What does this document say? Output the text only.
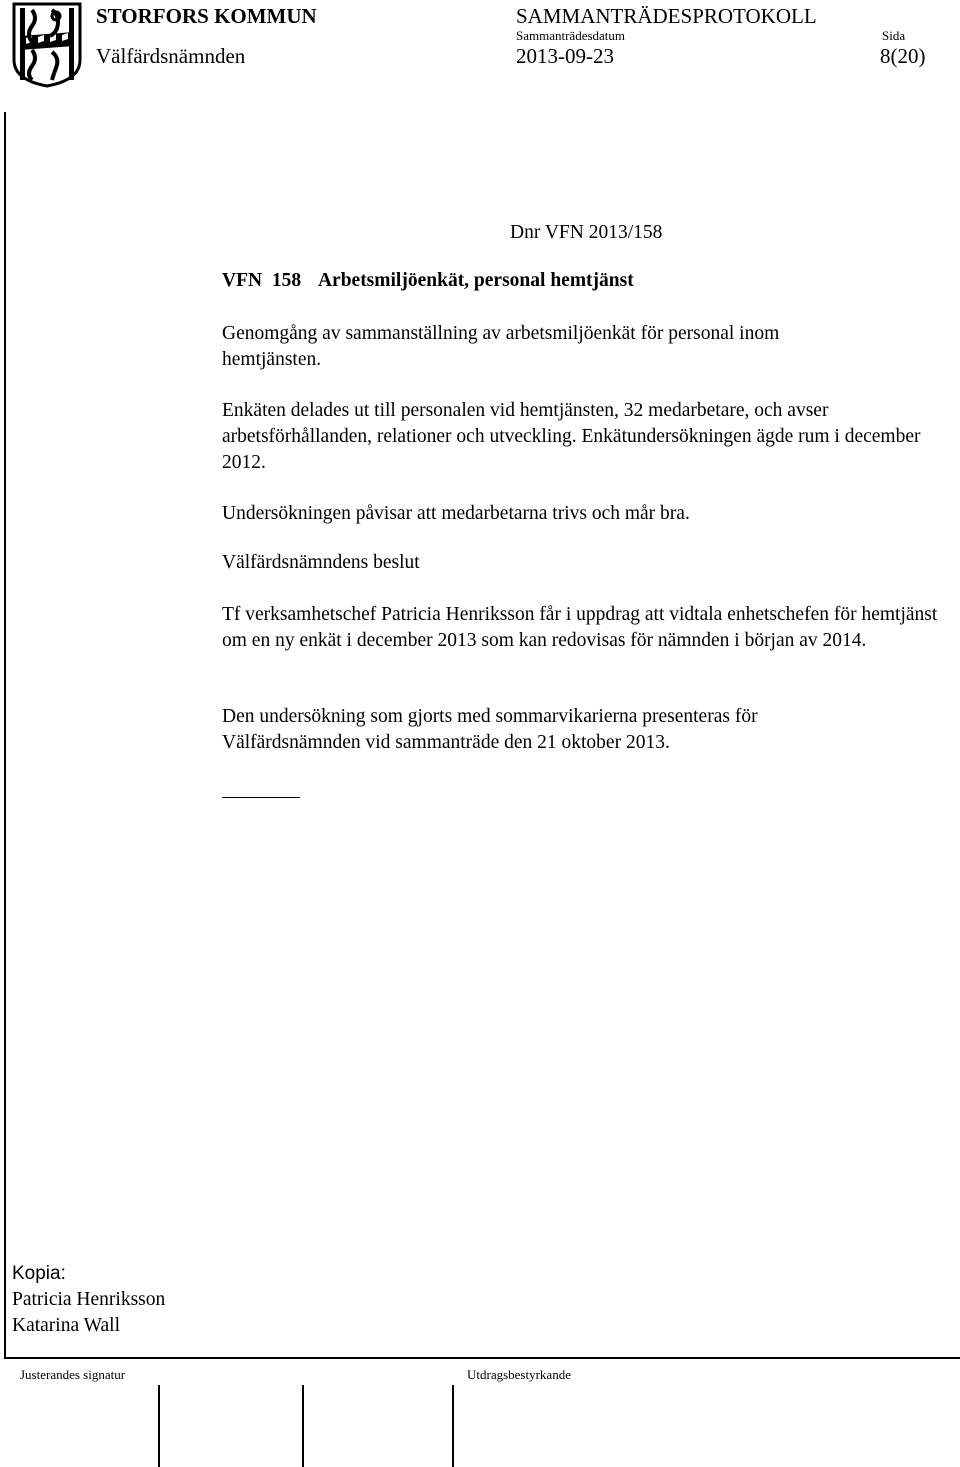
STORFORS KOMMUN	SAMMANTRÄDESPROTOKOLL
Sammanträdesdatum	Sida
Välfärdsnämnden	2013-09-23	8(20)
Dnr VFN 2013/158
VFN  158 Arbetsmiljöenkät, personal hemtjänst

Genomgång av sammanställning av arbetsmiljöenkät för personal inom hemtjänsten.

Enkäten delades ut till personalen vid hemtjänsten, 32 medarbetare, och avser arbetsförhållanden, relationer och utveckling. Enkätundersökningen ägde rum i december 2012.

Undersökningen påvisar att medarbetarna trivs och mår bra.

Välfärdsnämndens beslut

Tf verksamhetschef Patricia Henriksson får i uppdrag att vidtala enhetschefen för hemtjänst om en ny enkät i december 2013 som kan redovisas för nämnden i början av 2014.

Den undersökning som gjorts med sommarvikarierna presenteras för Välfärdsnämnden vid sammanträde den 21 oktober 2013.

Kopia:
Patricia Henriksson
Katarina Wall
Justerandes signatur	Utdragsbestyrkande
